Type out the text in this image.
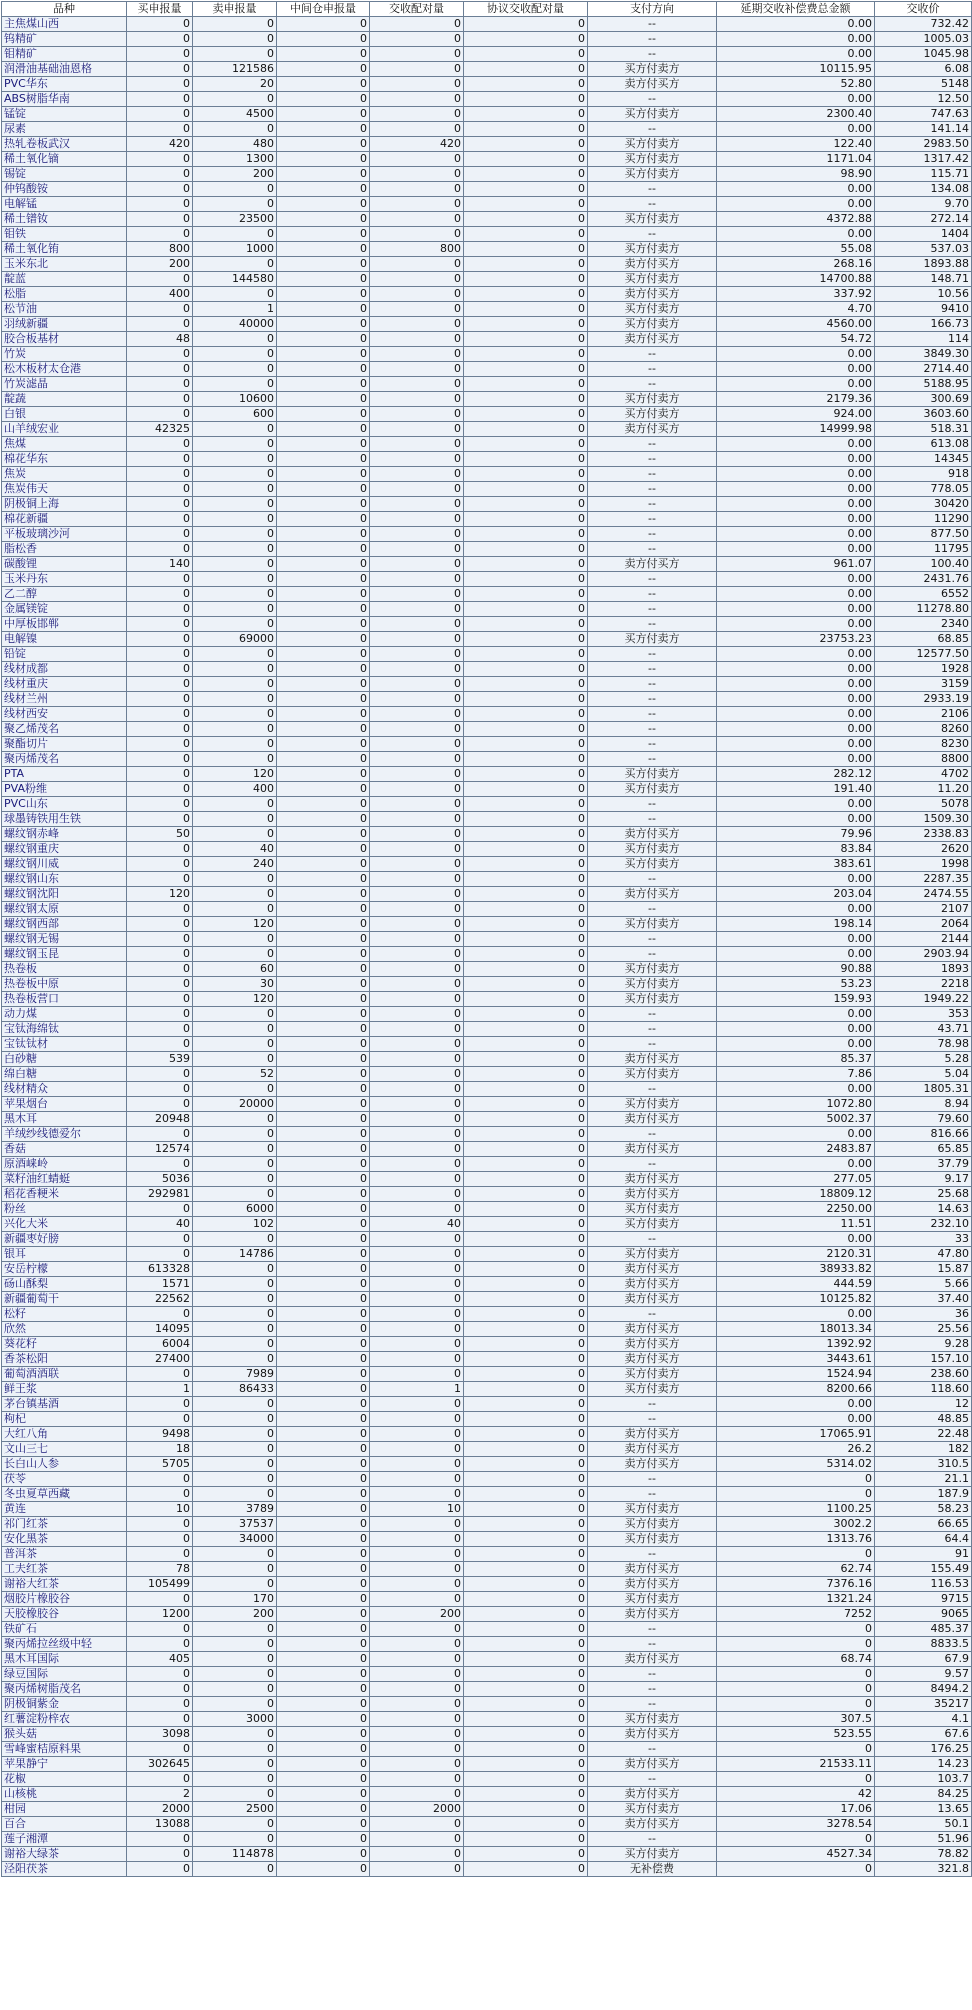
品种	买申报量	卖申报量	中间仓申报量	交收配对量	协议交收配对量	支付方向	延期交收补偿费总金额	交收价
主焦煤山西	0	0	0	0	0	--	0.00	732.42
钨精矿	0	0	0	0	0	--	0.00	1005.03
钼精矿	0	0	0	0	0	--	0.00	1045.98
润滑油基础油恩格	0	121586	0	0	0	买方付卖方	10115.95	6.08
PVC华东	0	20	0	0	0	卖方付买方	52.80	5148
ABS树脂华南	0	0	0	0	0	--	0.00	12.50
锰锭	0	4500	0	0	0	买方付卖方	2300.40	747.63
尿素	0	0	0	0	0	--	0.00	141.14
热轧卷板武汉	420	480	0	420	0	买方付卖方	122.40	2983.50
稀土氧化镝	0	1300	0	0	0	买方付卖方	1171.04	1317.42
锡锭	0	200	0	0	0	买方付卖方	98.90	115.71
仲钨酸铵	0	0	0	0	0	--	0.00	134.08
电解锰	0	0	0	0	0	--	0.00	9.70
稀土镨钕	0	23500	0	0	0	买方付卖方	4372.88	272.14
钼铁	0	0	0	0	0	--	0.00	1404
稀土氧化铕	800	1000	0	800	0	买方付卖方	55.08	537.03
玉米东北	200	0	0	0	0	卖方付买方	268.16	1893.88
靛蓝	0	144580	0	0	0	买方付卖方	14700.88	148.71
松脂	400	0	0	0	0	卖方付买方	337.92	10.56
松节油	0	1	0	0	0	买方付卖方	4.70	9410
羽绒新疆	0	40000	0	0	0	买方付卖方	4560.00	166.73
胶合板基材	48	0	0	0	0	卖方付买方	54.72	114
竹炭	0	0	0	0	0	--	0.00	3849.30
松木板材太仓港	0	0	0	0	0	--	0.00	2714.40
竹炭滤晶	0	0	0	0	0	--	0.00	5188.95
靛蔬	0	10600	0	0	0	买方付卖方	2179.36	300.69
白银	0	600	0	0	0	买方付卖方	924.00	3603.60
山羊绒宏业	42325	0	0	0	0	卖方付买方	14999.98	518.31
焦煤	0	0	0	0	0	--	0.00	613.08
棉花华东	0	0	0	0	0	--	0.00	14345
焦炭	0	0	0	0	0	--	0.00	918
焦炭伟天	0	0	0	0	0	--	0.00	778.05
阴极铜上海	0	0	0	0	0	--	0.00	30420
棉花新疆	0	0	0	0	0	--	0.00	11290
平板玻璃沙河	0	0	0	0	0	--	0.00	877.50
脂松香	0	0	0	0	0	--	0.00	11795
碳酸锂	140	0	0	0	0	卖方付买方	961.07	100.40
玉米丹东	0	0	0	0	0	--	0.00	2431.76
乙二醇	0	0	0	0	0	--	0.00	6552
金属镁锭	0	0	0	0	0	--	0.00	11278.80
中厚板邯郸	0	0	0	0	0	--	0.00	2340
电解镍	0	69000	0	0	0	买方付卖方	23753.23	68.85
铅锭	0	0	0	0	0	--	0.00	12577.50
线材成都	0	0	0	0	0	--	0.00	1928
线材重庆	0	0	0	0	0	--	0.00	3159
线材兰州	0	0	0	0	0	--	0.00	2933.19
线材西安	0	0	0	0	0	--	0.00	2106
聚乙烯茂名	0	0	0	0	0	--	0.00	8260
聚酯切片	0	0	0	0	0	--	0.00	8230
聚丙烯茂名	0	0	0	0	0	--	0.00	8800
PTA	0	120	0	0	0	买方付卖方	282.12	4702
PVA粉维	0	400	0	0	0	买方付卖方	191.40	11.20
PVC山东	0	0	0	0	0	--	0.00	5078
球墨铸铁用生铁	0	0	0	0	0	--	0.00	1509.30
螺纹钢赤峰	50	0	0	0	0	卖方付买方	79.96	2338.83
螺纹钢重庆	0	40	0	0	0	买方付卖方	83.84	2620
螺纹钢川威	0	240	0	0	0	买方付卖方	383.61	1998
螺纹钢山东	0	0	0	0	0	--	0.00	2287.35
螺纹钢沈阳	120	0	0	0	0	卖方付买方	203.04	2474.55
螺纹钢太原	0	0	0	0	0	--	0.00	2107
螺纹钢西部	0	120	0	0	0	买方付卖方	198.14	2064
螺纹钢无锡	0	0	0	0	0	--	0.00	2144
螺纹钢玉昆	0	0	0	0	0	--	0.00	2903.94
热卷板	0	60	0	0	0	买方付卖方	90.88	1893
热卷板中原	0	30	0	0	0	买方付卖方	53.23	2218
热卷板营口	0	120	0	0	0	买方付卖方	159.93	1949.22
动力煤	0	0	0	0	0	--	0.00	353
宝钛海绵钛	0	0	0	0	0	--	0.00	43.71
宝钛钛材	0	0	0	0	0	--	0.00	78.98
白砂糖	539	0	0	0	0	卖方付买方	85.37	5.28
绵白糖	0	52	0	0	0	买方付卖方	7.86	5.04
线材精众	0	0	0	0	0	--	0.00	1805.31
苹果烟台	0	20000	0	0	0	买方付卖方	1072.80	8.94
黑木耳	20948	0	0	0	0	卖方付买方	5002.37	79.60
羊绒纱线德爱尔	0	0	0	0	0	--	0.00	816.66
香菇	12574	0	0	0	0	卖方付买方	2483.87	65.85
原酒崃岭	0	0	0	0	0	--	0.00	37.79
菜籽油红蜻蜓	5036	0	0	0	0	卖方付买方	277.05	9.17
稻花香粳米	292981	0	0	0	0	卖方付买方	18809.12	25.68
粉丝	0	6000	0	0	0	买方付卖方	2250.00	14.63
兴化大米	40	102	0	40	0	买方付卖方	11.51	232.10
新疆枣好膀	0	0	0	0	0	--	0.00	33
银耳	0	14786	0	0	0	买方付卖方	2120.31	47.80
安岳柠檬	613328	0	0	0	0	卖方付买方	38933.82	15.87
砀山酥梨	1571	0	0	0	0	卖方付买方	444.59	5.66
新疆葡萄干	22562	0	0	0	0	卖方付买方	10125.82	37.40
松籽	0	0	0	0	0	--	0.00	36
欣然	14095	0	0	0	0	卖方付买方	18013.34	25.56
葵花籽	6004	0	0	0	0	卖方付买方	1392.92	9.28
香茶松阳	27400	0	0	0	0	卖方付买方	3443.61	157.10
葡萄酒酒联	0	7989	0	0	0	买方付卖方	1524.94	238.60
鲜王浆	1	86433	0	1	0	买方付卖方	8200.66	118.60
茅台镇基酒	0	0	0	0	0	--	0.00	12
枸杞	0	0	0	0	0	--	0.00	48.85
大红八角	9498	0	0	0	0	卖方付买方	17065.91	22.48
文山三七	18	0	0	0	0	卖方付买方	26.2	182
长白山人参	5705	0	0	0	0	卖方付买方	5314.02	310.5
茯苓	0	0	0	0	0	--	0	21.1
冬虫夏草西藏	0	0	0	0	0	--	0	187.9
黄连	10	3789	0	10	0	买方付卖方	1100.25	58.23
祁门红茶	0	37537	0	0	0	买方付卖方	3002.2	66.65
安化黑茶	0	34000	0	0	0	买方付卖方	1313.76	64.4
普洱茶	0	0	0	0	0	--	0	91
工夫红茶	78	0	0	0	0	卖方付买方	62.74	155.49
谢裕大红茶	105499	0	0	0	0	卖方付买方	7376.16	116.53
烟胶片橡胶谷	0	170	0	0	0	买方付卖方	1321.24	9715
天胶橡胶谷	1200	200	0	200	0	卖方付买方	7252	9065
铁矿石	0	0	0	0	0	--	0	485.37
聚丙烯拉丝级中轻	0	0	0	0	0	--	0	8833.5
黑木耳国际	405	0	0	0	0	卖方付买方	68.74	67.9
绿豆国际	0	0	0	0	0	--	0	9.57
聚丙烯树脂茂名	0	0	0	0	0	--	0	8494.2
阴极铜紫金	0	0	0	0	0	--	0	35217
红薯淀粉梓农	0	3000	0	0	0	买方付卖方	307.5	4.1
猴头菇	3098	0	0	0	0	卖方付买方	523.55	67.6
雪峰蜜桔原料果	0	0	0	0	0	--	0	176.25
苹果静宁	302645	0	0	0	0	卖方付买方	21533.11	14.23
花椒	0	0	0	0	0	--	0	103.7
山核桃	2	0	0	0	0	卖方付买方	42	84.25
柑园	2000	2500	0	2000	0	买方付卖方	17.06	13.65
百合	13088	0	0	0	0	卖方付买方	3278.54	50.1
莲子湘潭	0	0	0	0	0	--	0	51.96
谢裕大绿茶	0	114878	0	0	0	买方付卖方	4527.34	78.82
泾阳茯茶	0	0	0	0	0	无补偿费	0	321.8
